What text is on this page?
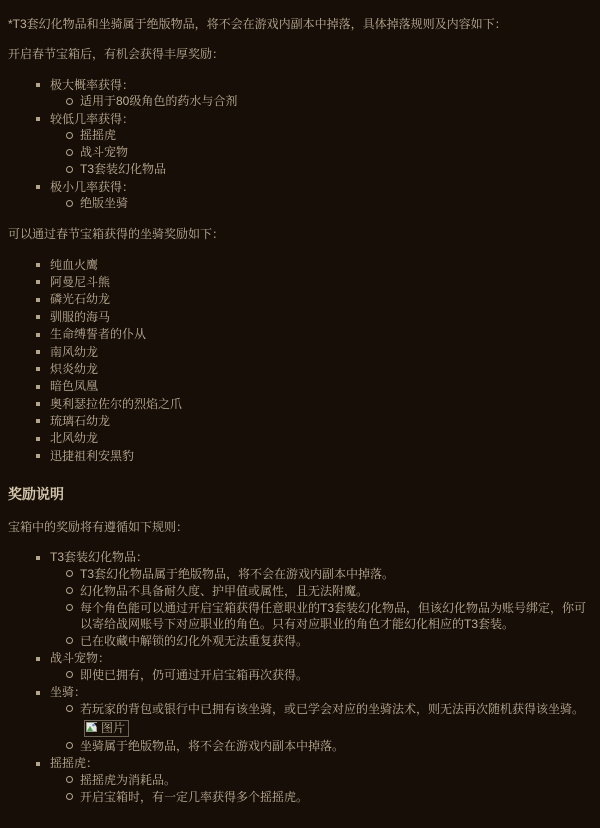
*T3套幻化物品和坐骑属于绝版物品，将不会在游戏内副本中掉落，具体掉落规则及内容如下：

开启春节宝箱后，有机会获得丰厚奖励：

极大概率获得：
适用于80级角色的药水与合剂
较低几率获得：
摇摇虎
战斗宠物
T3套装幻化物品
极小几率获得：
绝版坐骑

可以通过春节宝箱获得的坐骑奖励如下：

纯血火鹰
阿曼尼斗熊
磷光石幼龙
驯服的海马
生命缚誓者的仆从
南风幼龙
炽炎幼龙
暗色凤凰
奥利瑟拉佐尔的烈焰之爪
琉璃石幼龙
北风幼龙
迅捷祖利安黑豹
奖励说明

宝箱中的奖励将有遵循如下规则：

T3套装幻化物品：
T3套幻化物品属于绝版物品，将不会在游戏内副本中掉落。
幻化物品不具备耐久度、护甲值或属性，且无法附魔。
每个角色能可以通过开启宝箱获得任意职业的T3套装幻化物品，但该幻化物品为账号绑定，你可以寄给战网账号下对应职业的角色。只有对应职业的角色才能幻化相应的T3套装。
已在收藏中解锁的幻化外观无法重复获得。
战斗宠物：
即使已拥有，仍可通过开启宝箱再次获得。
坐骑：
若玩家的背包或银行中已拥有该坐骑，或已学会对应的坐骑法术，则无法再次随机获得该坐骑。图片
坐骑属于绝版物品，将不会在游戏内副本中掉落。
摇摇虎：
摇摇虎为消耗品。
开启宝箱时，有一定几率获得多个摇摇虎。
